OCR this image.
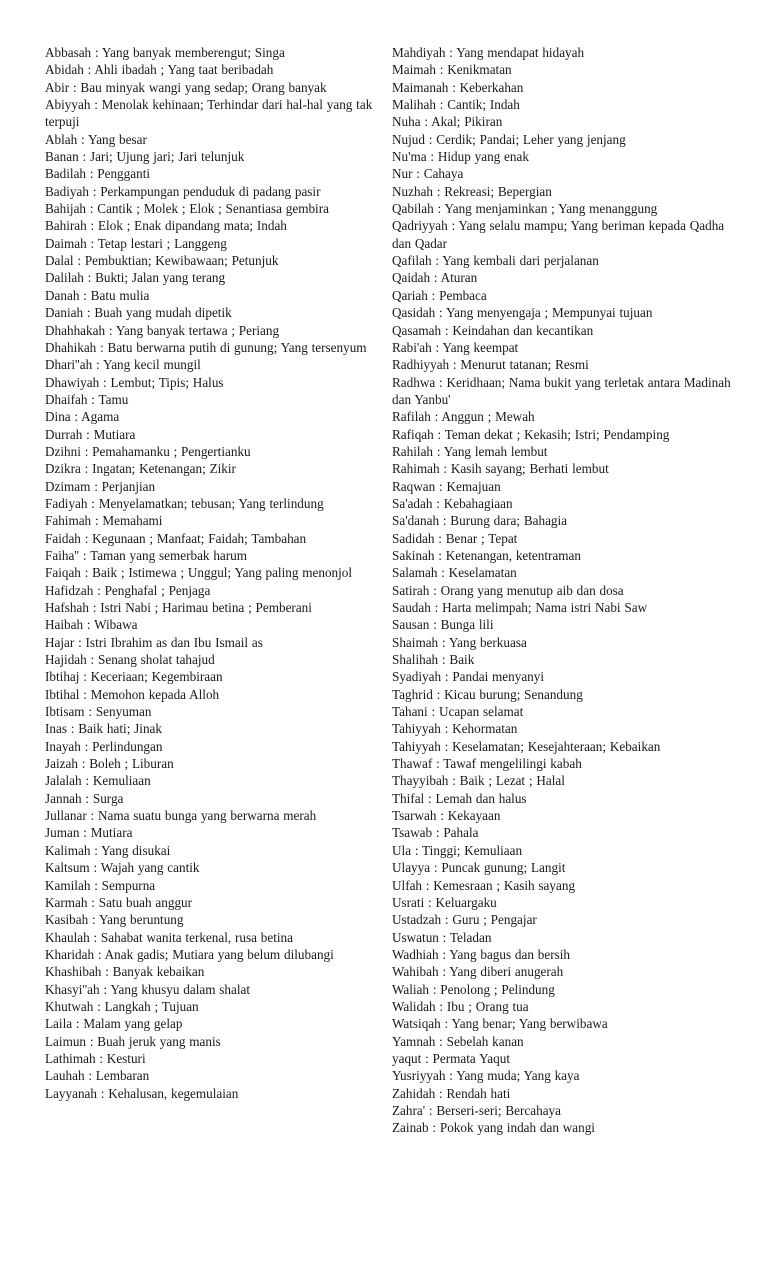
Abbasah : Yang banyak memberengut; Singa
Abidah : Ahli ibadah ; Yang taat beribadah
Abir : Bau minyak wangi yang sedap; Orang banyak
Abiyyah : Menolak kehinaan; Terhindar dari hal-hal yang tak terpuji
Ablah : Yang besar
Banan : Jari; Ujung jari; Jari telunjuk
Badilah : Pengganti
Badiyah : Perkampungan penduduk di padang pasir
Bahijah : Cantik ; Molek ; Elok ; Senantiasa gembira
Bahirah : Elok ; Enak dipandang mata; Indah
Daimah : Tetap lestari ; Langgeng
Dalal : Pembuktian; Kewibawaan; Petunjuk
Dalilah : Bukti; Jalan yang terang
Danah : Batu mulia
Daniah : Buah yang mudah dipetik
Dhahhakah : Yang banyak tertawa ; Periang
Dhahikah : Batu berwarna putih di gunung; Yang tersenyum
Dhari''ah : Yang kecil mungil
Dhawiyah : Lembut; Tipis; Halus
Dhaifah : Tamu
Dina : Agama
Durrah : Mutiara
Dzihni : Pemahamanku ; Pengertianku
Dzikra : Ingatan; Ketenangan; Zikir
Dzimam : Perjanjian
Fadiyah : Menyelamatkan; tebusan; Yang terlindung
Fahimah : Memahami
Faidah : Kegunaan ; Manfaat; Faidah; Tambahan
Faiha'' : Taman yang semerbak harum
Faiqah : Baik ; Istimewa ; Unggul; Yang paling menonjol
Hafidzah : Penghafal ; Penjaga
Hafshah : Istri Nabi ; Harimau betina ; Pemberani
Haibah : Wibawa
Hajar : Istri Ibrahim as dan Ibu Ismail as
Hajidah : Senang sholat tahajud
Ibtihaj : Keceriaan; Kegembiraan
Ibtihal : Memohon kepada Alloh
Ibtisam : Senyuman
Inas : Baik hati; Jinak
Inayah : Perlindungan
Jaizah : Boleh ; Liburan
Jalalah : Kemuliaan
Jannah : Surga
Jullanar : Nama suatu bunga yang berwarna merah
Juman : Mutiara
Kalimah : Yang disukai
Kaltsum : Wajah yang cantik
Kamilah : Sempurna
Karmah : Satu buah anggur
Kasibah : Yang beruntung
Khaulah : Sahabat wanita terkenal, rusa betina
Kharidah : Anak gadis; Mutiara yang belum dilubangi
Khashibah : Banyak kebaikan
Khasyi''ah : Yang khusyu dalam shalat
Khutwah : Langkah ; Tujuan
Laila : Malam yang gelap
Laimun : Buah jeruk yang manis
Lathimah : Kesturi
Lauhah : Lembaran
Layyanah : Kehalusan, kegemulaian
Mahdiyah : Yang mendapat hidayah
Maimah : Kenikmatan
Maimanah : Keberkahan
Malihah : Cantik; Indah
Nuha : Akal; Pikiran
Nujud : Cerdik; Pandai; Leher yang jenjang
Nu'ma : Hidup yang enak
Nur : Cahaya
Nuzhah : Rekreasi; Bepergian
Qabilah : Yang menjaminkan ; Yang menanggung
Qadriyyah : Yang selalu mampu; Yang beriman kepada Qadha dan Qadar
Qafilah : Yang kembali dari perjalanan
Qaidah : Aturan
Qariah : Pembaca
Qasidah : Yang menyengaja ; Mempunyai tujuan
Qasamah : Keindahan dan kecantikan
Rabi'ah : Yang keempat
Radhiyyah : Menurut tatanan; Resmi
Radhwa : Keridhaan; Nama bukit yang terletak antara Madinah dan Yanbu'
Rafilah : Anggun ; Mewah
Rafiqah : Teman dekat ; Kekasih; Istri; Pendamping
Rahilah : Yang lemah lembut
Rahimah : Kasih sayang; Berhati lembut
Raqwan : Kemajuan
Sa'adah : Kebahagiaan
Sa'danah : Burung dara; Bahagia
Sadidah : Benar ; Tepat
Sakinah : Ketenangan, ketentraman
Salamah : Keselamatan
Satirah : Orang yang menutup aib dan dosa
Saudah : Harta melimpah; Nama istri Nabi Saw
Sausan : Bunga lili
Shaimah : Yang berkuasa
Shalihah : Baik
Syadiyah : Pandai menyanyi
Taghrid : Kicau burung; Senandung
Tahani : Ucapan selamat
Tahiyyah : Kehormatan
Tahiyyah : Keselamatan; Kesejahteraan; Kebaikan
Thawaf : Tawaf mengelilingi kabah
Thayyibah : Baik ; Lezat ; Halal
Thifal : Lemah dan halus
Tsarwah : Kekayaan
Tsawab : Pahala
Ula : Tinggi; Kemuliaan
Ulayya : Puncak gunung; Langit
Ulfah : Kemesraan ; Kasih sayang
Usrati : Keluargaku
Ustadzah : Guru ; Pengajar
Uswatun : Teladan
Wadhiah : Yang bagus dan bersih
Wahibah : Yang diberi anugerah
Waliah : Penolong ; Pelindung
Walidah : Ibu ; Orang tua
Watsiqah : Yang benar; Yang berwibawa
Yamnah : Sebelah kanan
yaqut : Permata Yaqut
Yusriyyah : Yang muda; Yang kaya
Zahidah : Rendah hati
Zahra' : Berseri-seri; Bercahaya
Zainab : Pokok yang indah dan wangi
